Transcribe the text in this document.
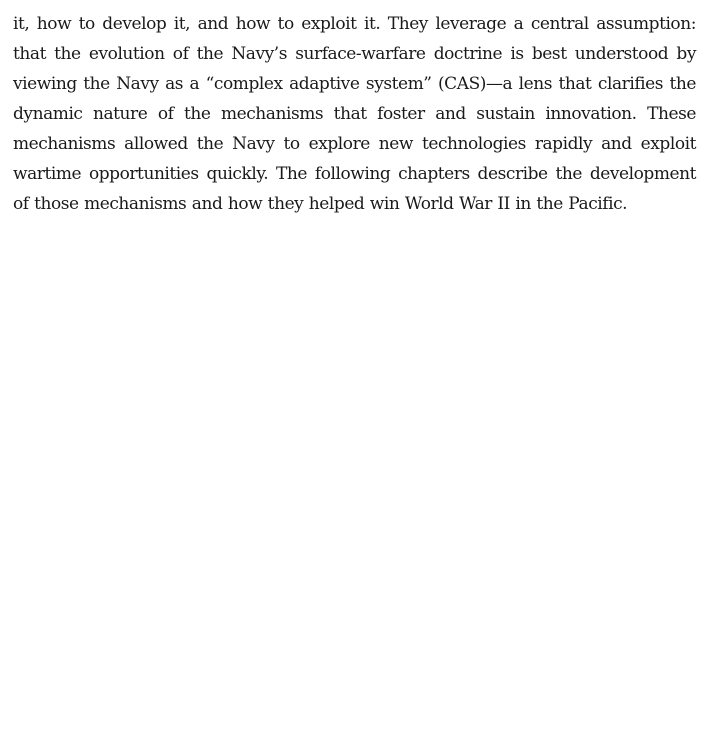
it, how to develop it, and how to exploit it. They leverage a central assumption:
that the evolution of the Navy’s surface-warfare doctrine is best understood by
viewing the Navy as a “complex adaptive system” (CAS)—a lens that clarifies the
dynamic nature of the mechanisms that foster and sustain innovation. These
mechanisms allowed the Navy to explore new technologies rapidly and exploit
wartime opportunities quickly. The following chapters describe the development
of those mechanisms and how they helped win World War II in the Pacific.
